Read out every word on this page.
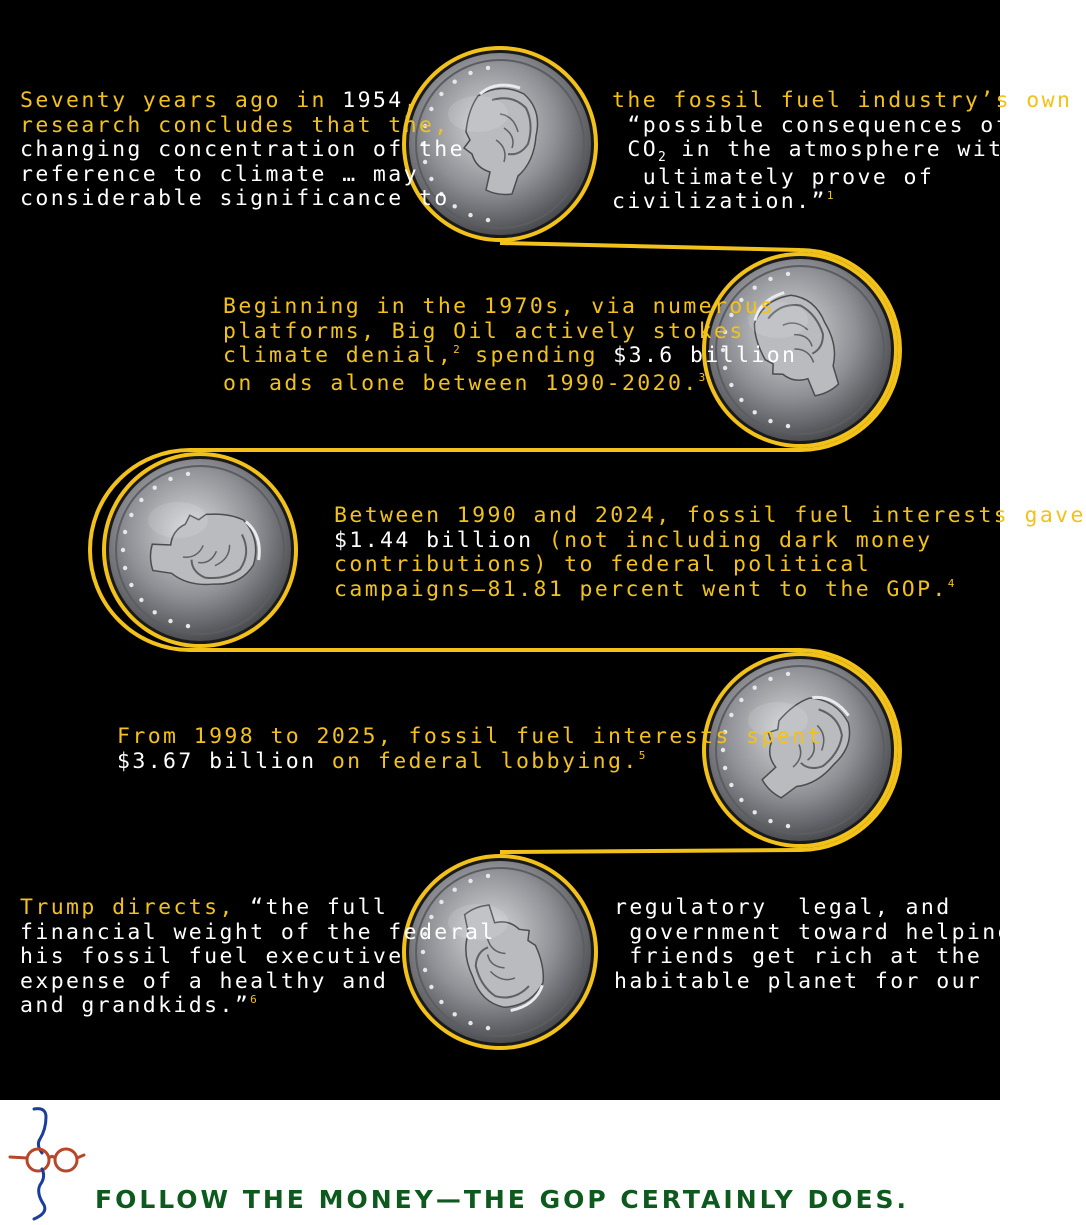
Seventy years ago in 1954,
research concludes that the,
changing concentration of the
reference to climate … may
considerable significance to
the fossil fuel industry’s own
“possible consequences of a
$CO_2$ in the atmosphere with
ultimately prove of
civilization.”$^1$
Beginning in the 1970s, via numerous
platforms, Big Oil actively stokes
climate denial,$^2$ spending $3.6 billion
on ads alone between 1990-2020.$^3$
Between 1990 and 2024, fossil fuel interests gave
$1.44 billion (not including dark money
contributions) to federal political
campaigns—81.81 percent went to the GOP.$^4$
From 1998 to 2025, fossil fuel interests spent
$3.67 billion on federal lobbying.$^5$
Trump directs, “the full
financial weight of the federal
his fossil fuel executive
expense of a healthy and
and grandkids.”$^6$
regulatory  legal, and
government toward helping
friends get rich at the
habitable planet for our kids
FOLLOW THE MONEY—THE GOP CERTAINLY DOES.
